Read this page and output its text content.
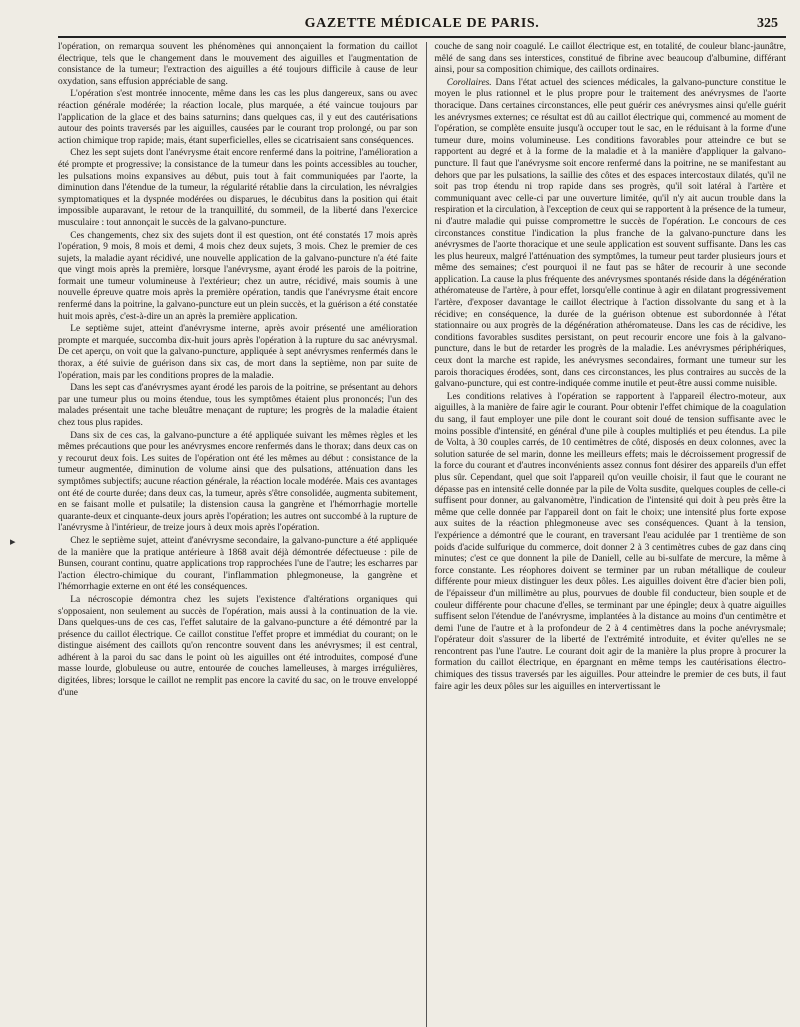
GAZETTE MÉDICALE DE PARIS.	325
▸

l'opération, on remarqua souvent les phénomènes qui annonçaient la formation du caillot électrique, tels que le changement dans le mouvement des aiguilles et l'augmentation de consistance de la tumeur; l'extraction des aiguilles a été toujours difficile à cause de leur oxydation, sans effusion appréciable de sang.

L'opération s'est montrée innocente, même dans les cas les plus dangereux, sans ou avec réaction générale modérée; la réaction locale, plus marquée, a été vaincue toujours par l'application de la glace et des bains saturnins; dans quelques cas, il y eut des cautérisations autour des points traversés par les aiguilles, causées par le courant trop prolongé, ou par son action chimique trop rapide; mais, étant superficielles, elles se cicatrisaient sans conséquences.

Chez les sept sujets dont l'anévrysme était encore renfermé dans la poitrine, l'amélioration a été prompte et progressive; la consistance de la tumeur dans les points accessibles au toucher, les pulsations moins expansives au début, puis tout à fait communiquées par l'aorte, la diminution dans l'étendue de la tumeur, la régularité rétablie dans la circulation, les névralgies symptomatiques et la dyspnée modérées ou disparues, le décubitus dans la position qui était impossible auparavant, le retour de la tranquillité, du sommeil, de la liberté dans l'exercice musculaire : tout annonçait le succès de la galvano-puncture.

Ces changements, chez six des sujets dont il est question, ont été constatés 17 mois après l'opération, 9 mois, 8 mois et demi, 4 mois chez deux sujets, 3 mois. Chez le premier de ces sujets, la maladie ayant récidivé, une nouvelle application de la galvano-puncture n'a été faite que vingt mois après la première, lorsque l'anévrysme, ayant érodé les parois de la poitrine, formait une tumeur volumineuse à l'extérieur; chez un autre, récidivé, mais soumis à une nouvelle épreuve quatre mois après la première opération, tandis que l'anévrysme était encore renfermé dans la poitrine, la galvano-puncture eut un plein succès, et la guérison a été constatée huit mois après, c'est-à-dire un an après la première application.

Le septième sujet, atteint d'anévrysme interne, après avoir présenté une amélioration prompte et marquée, succomba dix-huit jours après l'opération à la rupture du sac anévrysmal. De cet aperçu, on voit que la galvano-puncture, appliquée à sept anévrysmes renfermés dans le thorax, a été suivie de guérison dans six cas, de mort dans la septième, non par suite de l'opération, mais par les conditions propres de la maladie.

Dans les sept cas d'anévrysmes ayant érodé les parois de la poitrine, se présentant au dehors par une tumeur plus ou moins étendue, tous les symptômes étaient plus prononcés; l'un des malades présentait une tache bleuâtre menaçant de rupture; les progrès de la maladie étaient chez tous plus rapides.

Dans six de ces cas, la galvano-puncture a été appliquée suivant les mêmes règles et les mêmes précautions que pour les anévrysmes encore renfermés dans le thorax; dans deux cas on y recourut deux fois. Les suites de l'opération ont été les mêmes au début : consistance de la tumeur augmentée, diminution de volume ainsi que des pulsations, atténuation dans les symptômes subjectifs; aucune réaction générale, la réaction locale modérée. Mais ces avantages ont été de courte durée; dans deux cas, la tumeur, après s'être consolidée, augmenta subitement, en se faisant molle et pulsatile; la distension causa la gangrène et l'hémorrhagie mortelle quarante-deux et cinquante-deux jours après l'opération; les autres ont succombé à la rupture de l'anévrysme à l'intérieur, de treize jours à deux mois après l'opération.

Chez le septième sujet, atteint d'anévrysme secondaire, la galvano-puncture a été appliquée de la manière que la pratique antérieure à 1868 avait déjà démontrée défectueuse : pile de Bunsen, courant continu, quatre applications trop rapprochées l'une de l'autre; les escharres par l'action électro-chimique du courant, l'inflammation phlegmoneuse, la gangrène et l'hémorrhagie externe en ont été les conséquences.

La nécroscopie démontra chez les sujets l'existence d'altérations organiques qui s'opposaient, non seulement au succès de l'opération, mais aussi à la continuation de la vie. Dans quelques-uns de ces cas, l'effet salutaire de la galvano-puncture a été démontré par la présence du caillot électrique. Ce caillot constitue l'effet propre et immédiat du courant; on le distingue aisément des caillots qu'on rencontre souvent dans les anévrysmes; il est central, adhérent à la paroi du sac dans le point où les aiguilles ont été introduites, composé d'une masse lourde, globuleuse ou autre, entourée de couches lamelleuses, à marges irrégulières, digitées, libres; lorsque le caillot ne remplit pas encore la cavité du sac, on le trouve enveloppé d'une

couche de sang noir coagulé. Le caillot électrique est, en totalité, de couleur blanc-jaunâtre, mêlé de sang dans ses interstices, constitué de fibrine avec beaucoup d'albumine, différant ainsi, pour sa composition chimique, des caillots ordinaires.

Corollaires. Dans l'état actuel des sciences médicales, la galvano-puncture constitue le moyen le plus rationnel et le plus propre pour le traitement des anévrysmes de l'aorte thoracique. Dans certaines circonstances, elle peut guérir ces anévrysmes ainsi qu'elle guérit les anévrysmes externes; ce résultat est dû au caillot électrique qui, commencé au moment de l'opération, se complète ensuite jusqu'à occuper tout le sac, en le réduisant à la forme d'une tumeur dure, moins volumineuse. Les conditions favorables pour atteindre ce but se rapportent au degré et à la forme de la maladie et à la manière d'appliquer la galvano-puncture. Il faut que l'anévrysme soit encore renfermé dans la poitrine, ne se manifestant au dehors que par les pulsations, la saillie des côtes et des espaces intercostaux dilatés, qu'il ne soit pas trop étendu ni trop rapide dans ses progrès, qu'il soit latéral à l'artère et communiquant avec celle-ci par une ouverture limitée, qu'il n'y ait aucun trouble dans la respiration et la circulation, à l'exception de ceux qui se rapportent à la présence de la tumeur, ni d'autre maladie qui puisse compromettre le succès de l'opération. Le concours de ces circonstances constitue l'indication la plus franche de la galvano-puncture dans les anévrysmes de l'aorte thoracique et une seule application est souvent suffisante. Dans les cas les plus heureux, malgré l'atténuation des symptômes, la tumeur peut tarder plusieurs jours et même des semaines; c'est pourquoi il ne faut pas se hâter de recourir à une seconde application. La cause la plus fréquente des anévrysmes spontanés réside dans la dégénération athéromateuse de l'artère, à pour effet, lorsqu'elle continue à agir en dilatant progressivement l'artère, d'exposer davantage le caillot électrique à l'action dissolvante du sang et à la récidive; en conséquence, la durée de la guérison obtenue est subordonnée à l'état stationnaire ou aux progrès de la dégénération athéromateuse. Dans les cas de récidive, les conditions favorables susdites persistant, on peut recourir encore une fois à la galvano-puncture, dans le but de retarder les progrès de la maladie. Les anévrysmes périphériques, ceux dont la marche est rapide, les anévrysmes secondaires, formant une tumeur sur les parois thoraciques érodées, sont, dans ces circonstances, les plus contraires au succès de la galvano-puncture, qui est contre-indiquée comme inutile et peut-être aussi comme nuisible.

Les conditions relatives à l'opération se rapportent à l'appareil électro-moteur, aux aiguilles, à la manière de faire agir le courant. Pour obtenir l'effet chimique de la coagulation du sang, il faut employer une pile dont le courant soit doué de tension suffisante avec le moins possible d'intensité, en général d'une pile à couples multipliés et peu étendus. La pile de Volta, à 30 couples carrés, de 10 centimètres de côté, disposés en deux colonnes, avec la solution saturée de sel marin, donne les meilleurs effets; mais le décroissement progressif de la force du courant et d'autres inconvénients assez connus font désirer des appareils d'un effet plus sûr. Cependant, quel que soit l'appareil qu'on veuille choisir, il faut que le courant ne dépasse pas en intensité celle donnée par la pile de Volta susdite, quelques couples de celle-ci suffisent pour donner, au galvanomètre, l'indication de l'intensité qui doit à peu près être la même que celle donnée par l'appareil dont on fait le choix; une intensité plus forte expose aux suites de la réaction phlegmoneuse avec ses conséquences. Quant à la tension, l'expérience a démontré que le courant, en traversant l'eau acidulée par 1 trentième de son poids d'acide sulfurique du commerce, doit donner 2 à 3 centimètres cubes de gaz dans cinq minutes; c'est ce que donnent la pile de Daniell, celle au bi-sulfate de mercure, la même à force constante. Les réophores doivent se terminer par un ruban métallique de couleur différente pour mieux distinguer les deux pôles. Les aiguilles doivent être d'acier bien poli, de l'épaisseur d'un millimètre au plus, pourvues de double fil conducteur, bien souple et de couleur différente pour chacune d'elles, se terminant par une épingle; deux à quatre aiguilles suffisent selon l'étendue de l'anévrysme, implantées à la distance au moins d'un centimètre et demi l'une de l'autre et à la profondeur de 2 à 4 centimètres dans la poche anévrysmale; l'opérateur doit s'assurer de la liberté de l'extrémité introduite, et éviter qu'elles ne se rencontrent pas l'une l'autre. Le courant doit agir de la manière la plus propre à procurer la formation du caillot électrique, en épargnant en même temps les cautérisations électro-chimiques des tissus traversés par les aiguilles. Pour atteindre le premier de ces buts, il faut faire agir les deux pôles sur les aiguilles en intervertissant le
